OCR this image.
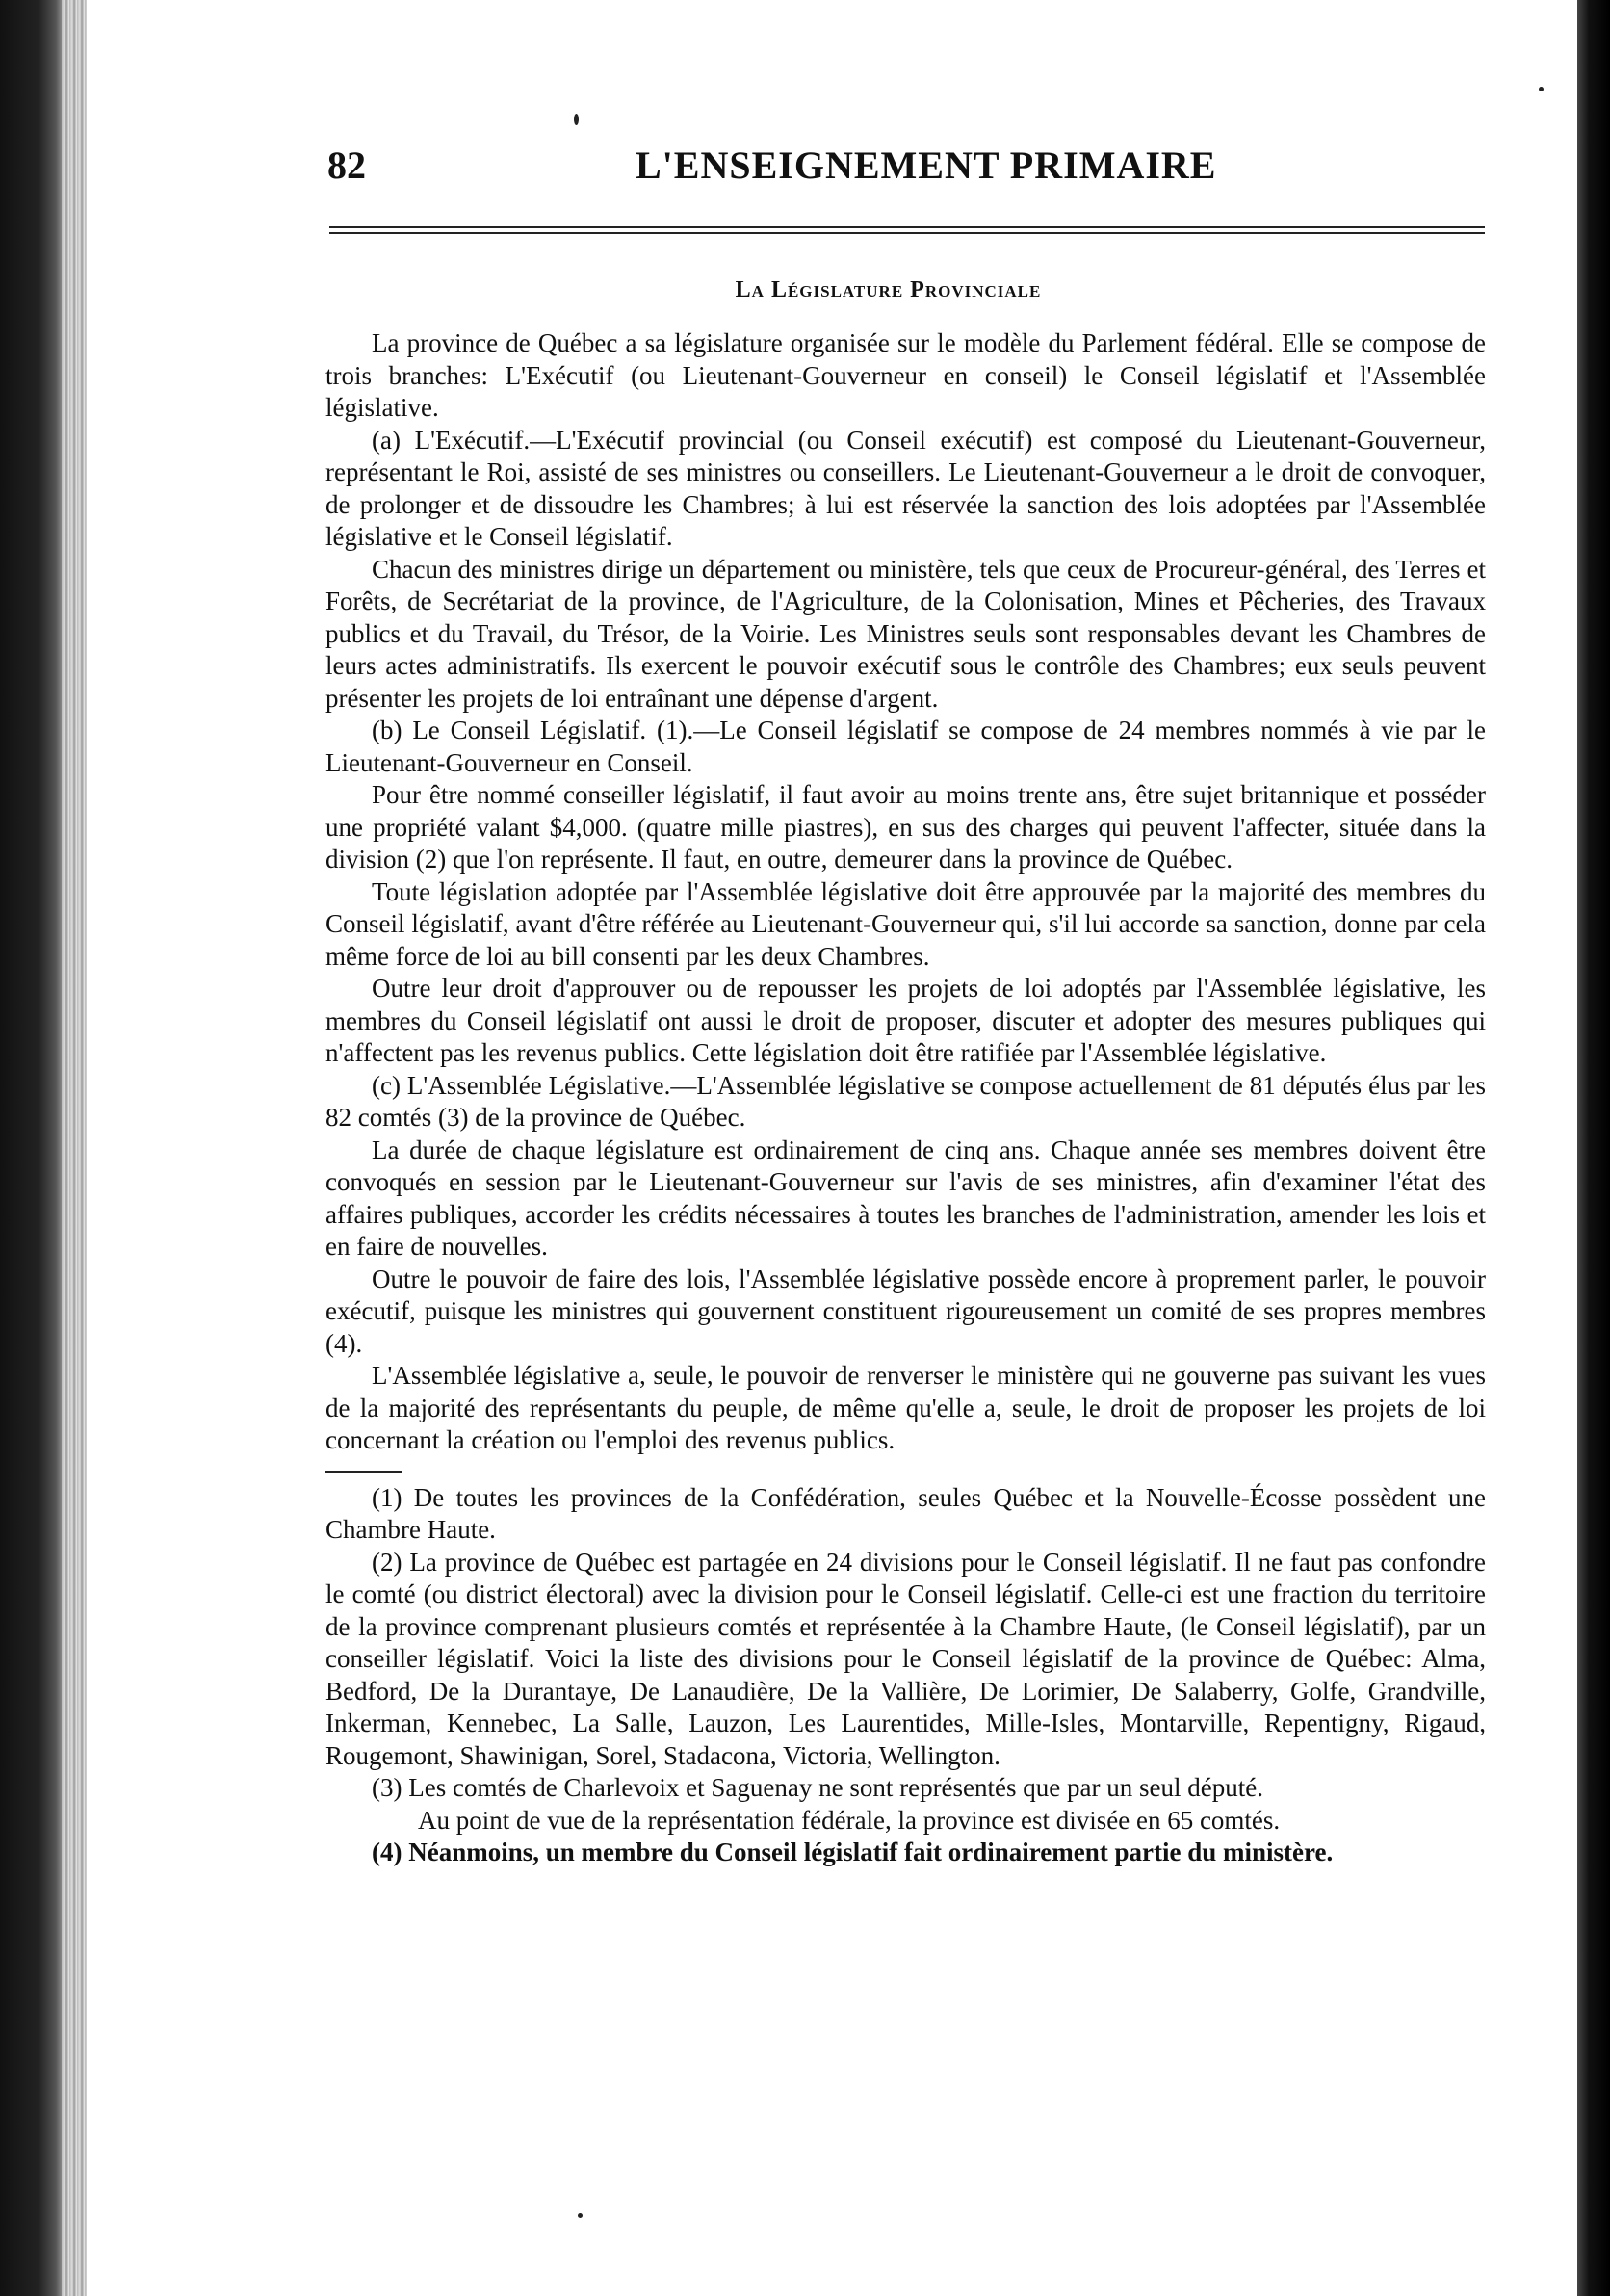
82	L'ENSEIGNEMENT PRIMAIRE
La Législature Provinciale

La province de Québec a sa législature organisée sur le modèle du Parlement fédéral. Elle se compose de trois branches: L'Exécutif (ou Lieutenant-Gouverneur en conseil) le Conseil législatif et l'Assemblée législative.

(a) L'Exécutif.—L'Exécutif provincial (ou Conseil exécutif) est composé du Lieutenant-Gouverneur, représentant le Roi, assisté de ses ministres ou conseillers. Le Lieutenant-Gouverneur a le droit de convoquer, de prolonger et de dissoudre les Chambres; à lui est réservée la sanction des lois adoptées par l'Assemblée législative et le Conseil législatif.

Chacun des ministres dirige un département ou ministère, tels que ceux de Procureur-général, des Terres et Forêts, de Secrétariat de la province, de l'Agriculture, de la Colonisation, Mines et Pêcheries, des Travaux publics et du Travail, du Trésor, de la Voirie. Les Ministres seuls sont responsables devant les Chambres de leurs actes administratifs. Ils exercent le pouvoir exécutif sous le contrôle des Chambres; eux seuls peuvent présenter les projets de loi entraînant une dépense d'argent.

(b) Le Conseil Législatif. (1).—Le Conseil législatif se compose de 24 membres nommés à vie par le Lieutenant-Gouverneur en Conseil.

Pour être nommé conseiller législatif, il faut avoir au moins trente ans, être sujet britannique et posséder une propriété valant $4,000. (quatre mille piastres), en sus des charges qui peuvent l'affecter, située dans la division (2) que l'on représente. Il faut, en outre, demeurer dans la province de Québec.

Toute législation adoptée par l'Assemblée législative doit être approuvée par la majorité des membres du Conseil législatif, avant d'être référée au Lieutenant-Gouverneur qui, s'il lui accorde sa sanction, donne par cela même force de loi au bill consenti par les deux Chambres.

Outre leur droit d'approuver ou de repousser les projets de loi adoptés par l'Assemblée législative, les membres du Conseil législatif ont aussi le droit de proposer, discuter et adopter des mesures publiques qui n'affectent pas les revenus publics. Cette législation doit être ratifiée par l'Assemblée législative.

(c) L'Assemblée Législative.—L'Assemblée législative se compose actuellement de 81 députés élus par les 82 comtés (3) de la province de Québec.

La durée de chaque législature est ordinairement de cinq ans. Chaque année ses membres doivent être convoqués en session par le Lieutenant-Gouverneur sur l'avis de ses ministres, afin d'examiner l'état des affaires publiques, accorder les crédits nécessaires à toutes les branches de l'administration, amender les lois et en faire de nouvelles.

Outre le pouvoir de faire des lois, l'Assemblée législative possède encore à proprement parler, le pouvoir exécutif, puisque les ministres qui gouvernent constituent rigoureusement un comité de ses propres membres (4).

L'Assemblée législative a, seule, le pouvoir de renverser le ministère qui ne gouverne pas suivant les vues de la majorité des représentants du peuple, de même qu'elle a, seule, le droit de proposer les projets de loi concernant la création ou l'emploi des revenus publics.

(1) De toutes les provinces de la Confédération, seules Québec et la Nouvelle-Écosse possèdent une Chambre Haute.

(2) La province de Québec est partagée en 24 divisions pour le Conseil législatif. Il ne faut pas confondre le comté (ou district électoral) avec la division pour le Conseil législatif. Celle-ci est une fraction du territoire de la province comprenant plusieurs comtés et représentée à la Chambre Haute, (le Conseil législatif), par un conseiller législatif. Voici la liste des divisions pour le Conseil législatif de la province de Québec: Alma, Bedford, De la Durantaye, De Lanaudière, De la Vallière, De Lorimier, De Salaberry, Golfe, Grandville, Inkerman, Kennebec, La Salle, Lauzon, Les Laurentides, Mille-Isles, Montarville, Repentigny, Rigaud, Rougemont, Shawinigan, Sorel, Stadacona, Victoria, Wellington.

(3) Les comtés de Charlevoix et Saguenay ne sont représentés que par un seul député.

Au point de vue de la représentation fédérale, la province est divisée en 65 comtés.

(4) Néanmoins, un membre du Conseil législatif fait ordinairement partie du ministère.
